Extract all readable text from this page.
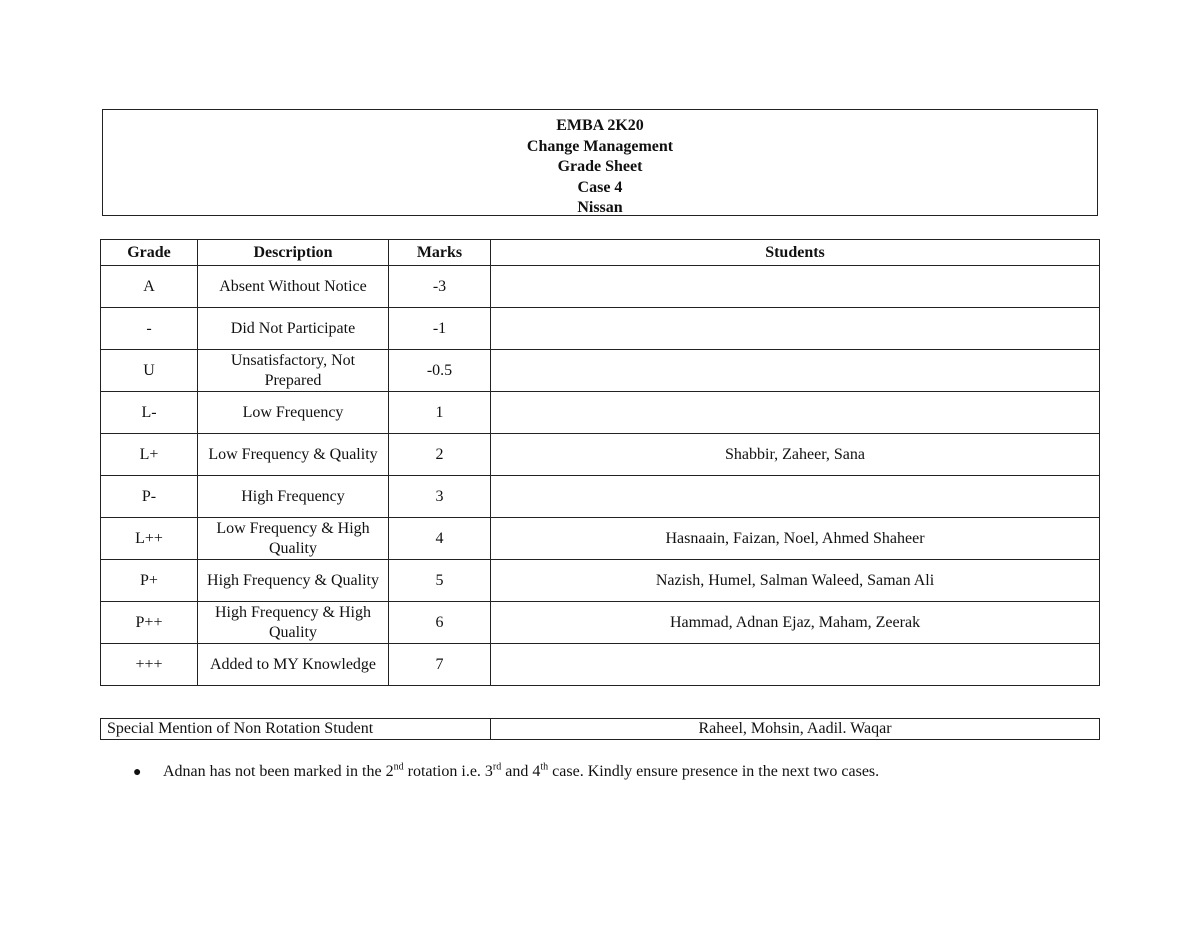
EMBA 2K20
Change Management
Grade Sheet
Case 4
Nissan
Grade	Description	Marks	Students
A	Absent Without Notice	-3	
-	Did Not Participate	-1	
U	Unsatisfactory, Not Prepared	-0.5	
L-	Low Frequency	1	
L+	Low Frequency & Quality	2	Shabbir, Zaheer, Sana
P-	High Frequency	3	
L++	Low Frequency & High Quality	4	Hasnaain, Faizan, Noel, Ahmed Shaheer
P+	High Frequency & Quality	5	Nazish, Humel, Salman Waleed, Saman Ali
P++	High Frequency & High Quality	6	Hammad, Adnan Ejaz, Maham, Zeerak
+++	Added to MY Knowledge	7	
Special Mention of Non Rotation Student	Raheel, Mohsin, Aadil. Waqar
● Adnan has not been marked in the 2nd rotation i.e. 3rd and 4th case. Kindly ensure presence in the next two cases.
